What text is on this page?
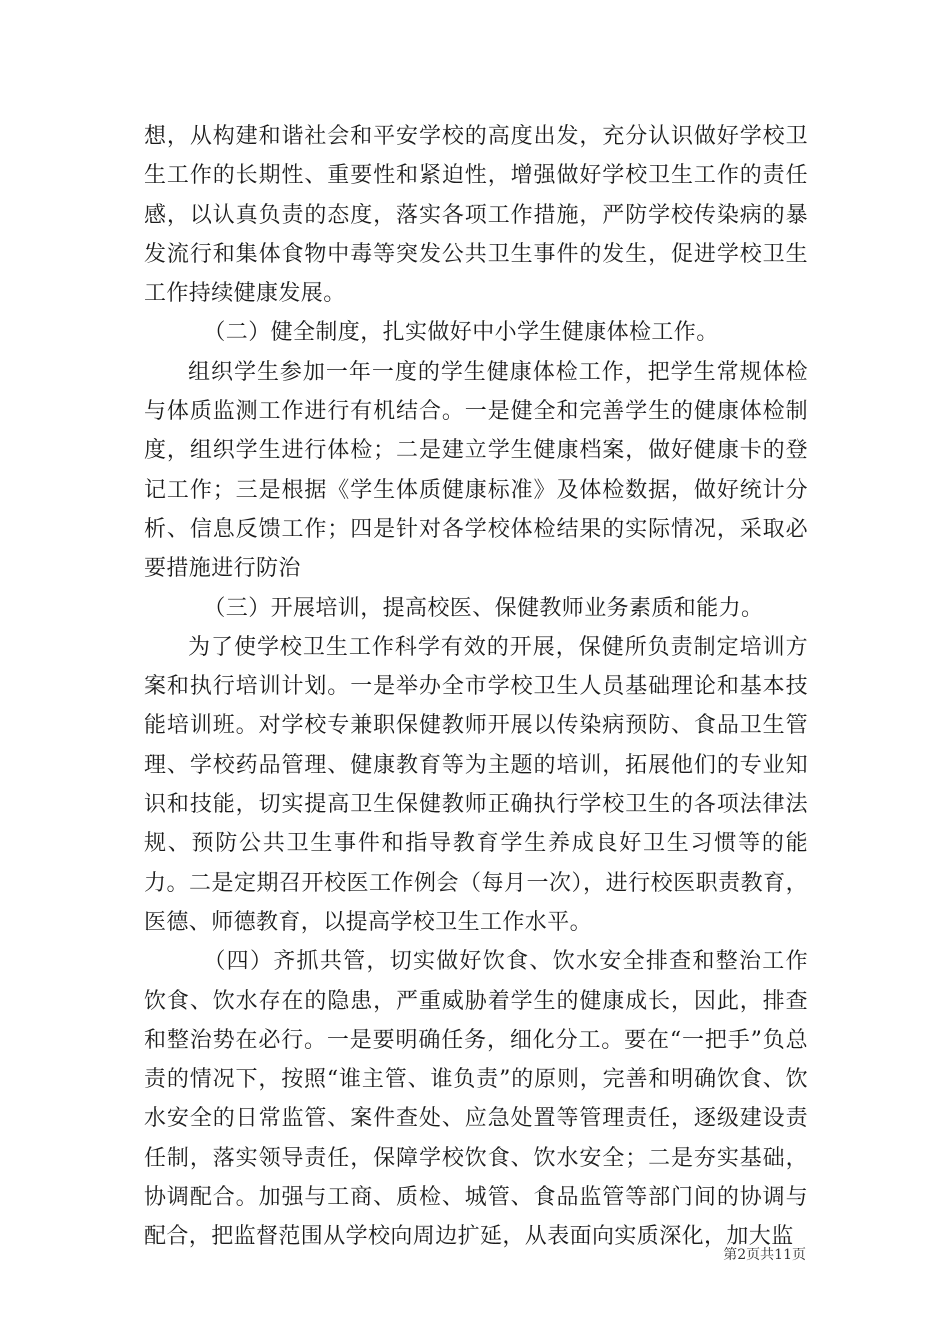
想，从构建和谐社会和平安学校的高度出发，充分认识做好学校卫生工作的长期性、重要性和紧迫性，增强做好学校卫生工作的责任感，以认真负责的态度，落实各项工作措施，严防学校传染病的暴发流行和集体食物中毒等突发公共卫生事件的发生，促进学校卫生工作持续健康发展。

（二）健全制度，扎实做好中小学生健康体检工作。

组织学生参加一年一度的学生健康体检工作，把学生常规体检与体质监测工作进行有机结合。一是健全和完善学生的健康体检制度，组织学生进行体检；二是建立学生健康档案，做好健康卡的登记工作；三是根据《学生体质健康标准》及体检数据，做好统计分析、信息反馈工作；四是针对各学校体检结果的实际情况，采取必要措施进行防治

（三）开展培训，提高校医、保健教师业务素质和能力。

为了使学校卫生工作科学有效的开展，保健所负责制定培训方案和执行培训计划。一是举办全市学校卫生人员基础理论和基本技能培训班。对学校专兼职保健教师开展以传染病预防、食品卫生管理、学校药品管理、健康教育等为主题的培训，拓展他们的专业知识和技能，切实提高卫生保健教师正确执行学校卫生的各项法律法规、预防公共卫生事件和指导教育学生养成良好卫生习惯等的能力。二是定期召开校医工作例会（每月一次），进行校医职责教育，医德、师德教育，以提高学校卫生工作水平。

（四）齐抓共管，切实做好饮食、饮水安全排查和整治工作饮食、饮水存在的隐患，严重威胁着学生的健康成长，因此，排查和整治势在必行。一是要明确任务，细化分工。要在“一把手”负总责的情况下，按照“谁主管、谁负责”的原则，完善和明确饮食、饮水安全的日常监管、案件查处、应急处置等管理责任，逐级建设责任制，落实领导责任，保障学校饮食、饮水安全；二是夯实基础，协调配合。加强与工商、质检、城管、食品监管等部门间的协调与配合，把监督范围从学校向周边扩延，从表面向实质深化，加大监

第2页共11页
